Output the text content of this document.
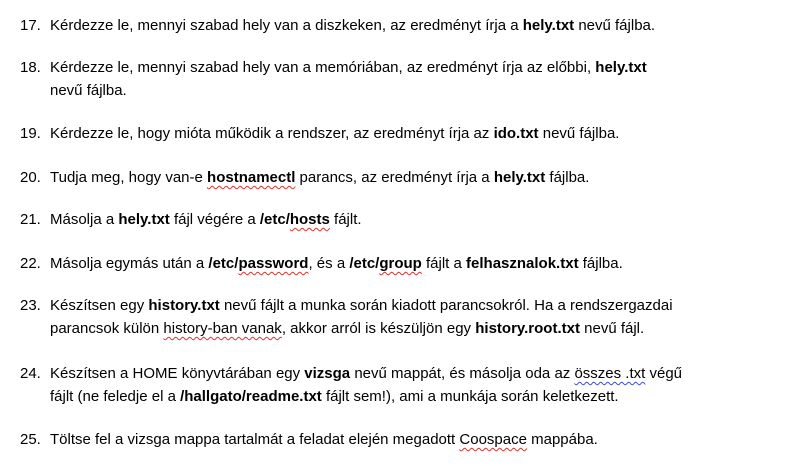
17. Kérdezze le, mennyi szabad hely van a diszkeken, az eredményt írja a hely.txt nevű fájlba.
18. Kérdezze le, mennyi szabad hely van a memóriában, az eredményt írja az előbbi, hely.txt
nevű fájlba.
19. Kérdezze le, hogy mióta működik a rendszer, az eredményt írja az ido.txt nevű fájlba.
20. Tudja meg, hogy van-e hostnamectl parancs, az eredményt írja a hely.txt fájlba.
21. Másolja a hely.txt fájl végére a /etc/hosts fájlt.
22. Másolja egymás után a /etc/password, és a /etc/group fájlt a felhasznalok.txt fájlba.
23. Készítsen egy history.txt nevű fájlt a munka során kiadott parancsokról. Ha a rendszergazdai
parancsok külön history-ban vanak, akkor arról is készüljön egy history.root.txt nevű fájl.
24. Készítsen a HOME könyvtárában egy vizsga nevű mappát, és másolja oda az összes .txt végű
fájlt (ne feledje el a /hallgato/readme.txt fájlt sem!), ami a munkája során keletkezett.
25. Töltse fel a vizsga mappa tartalmát a feladat elején megadott Coospace mappába.
